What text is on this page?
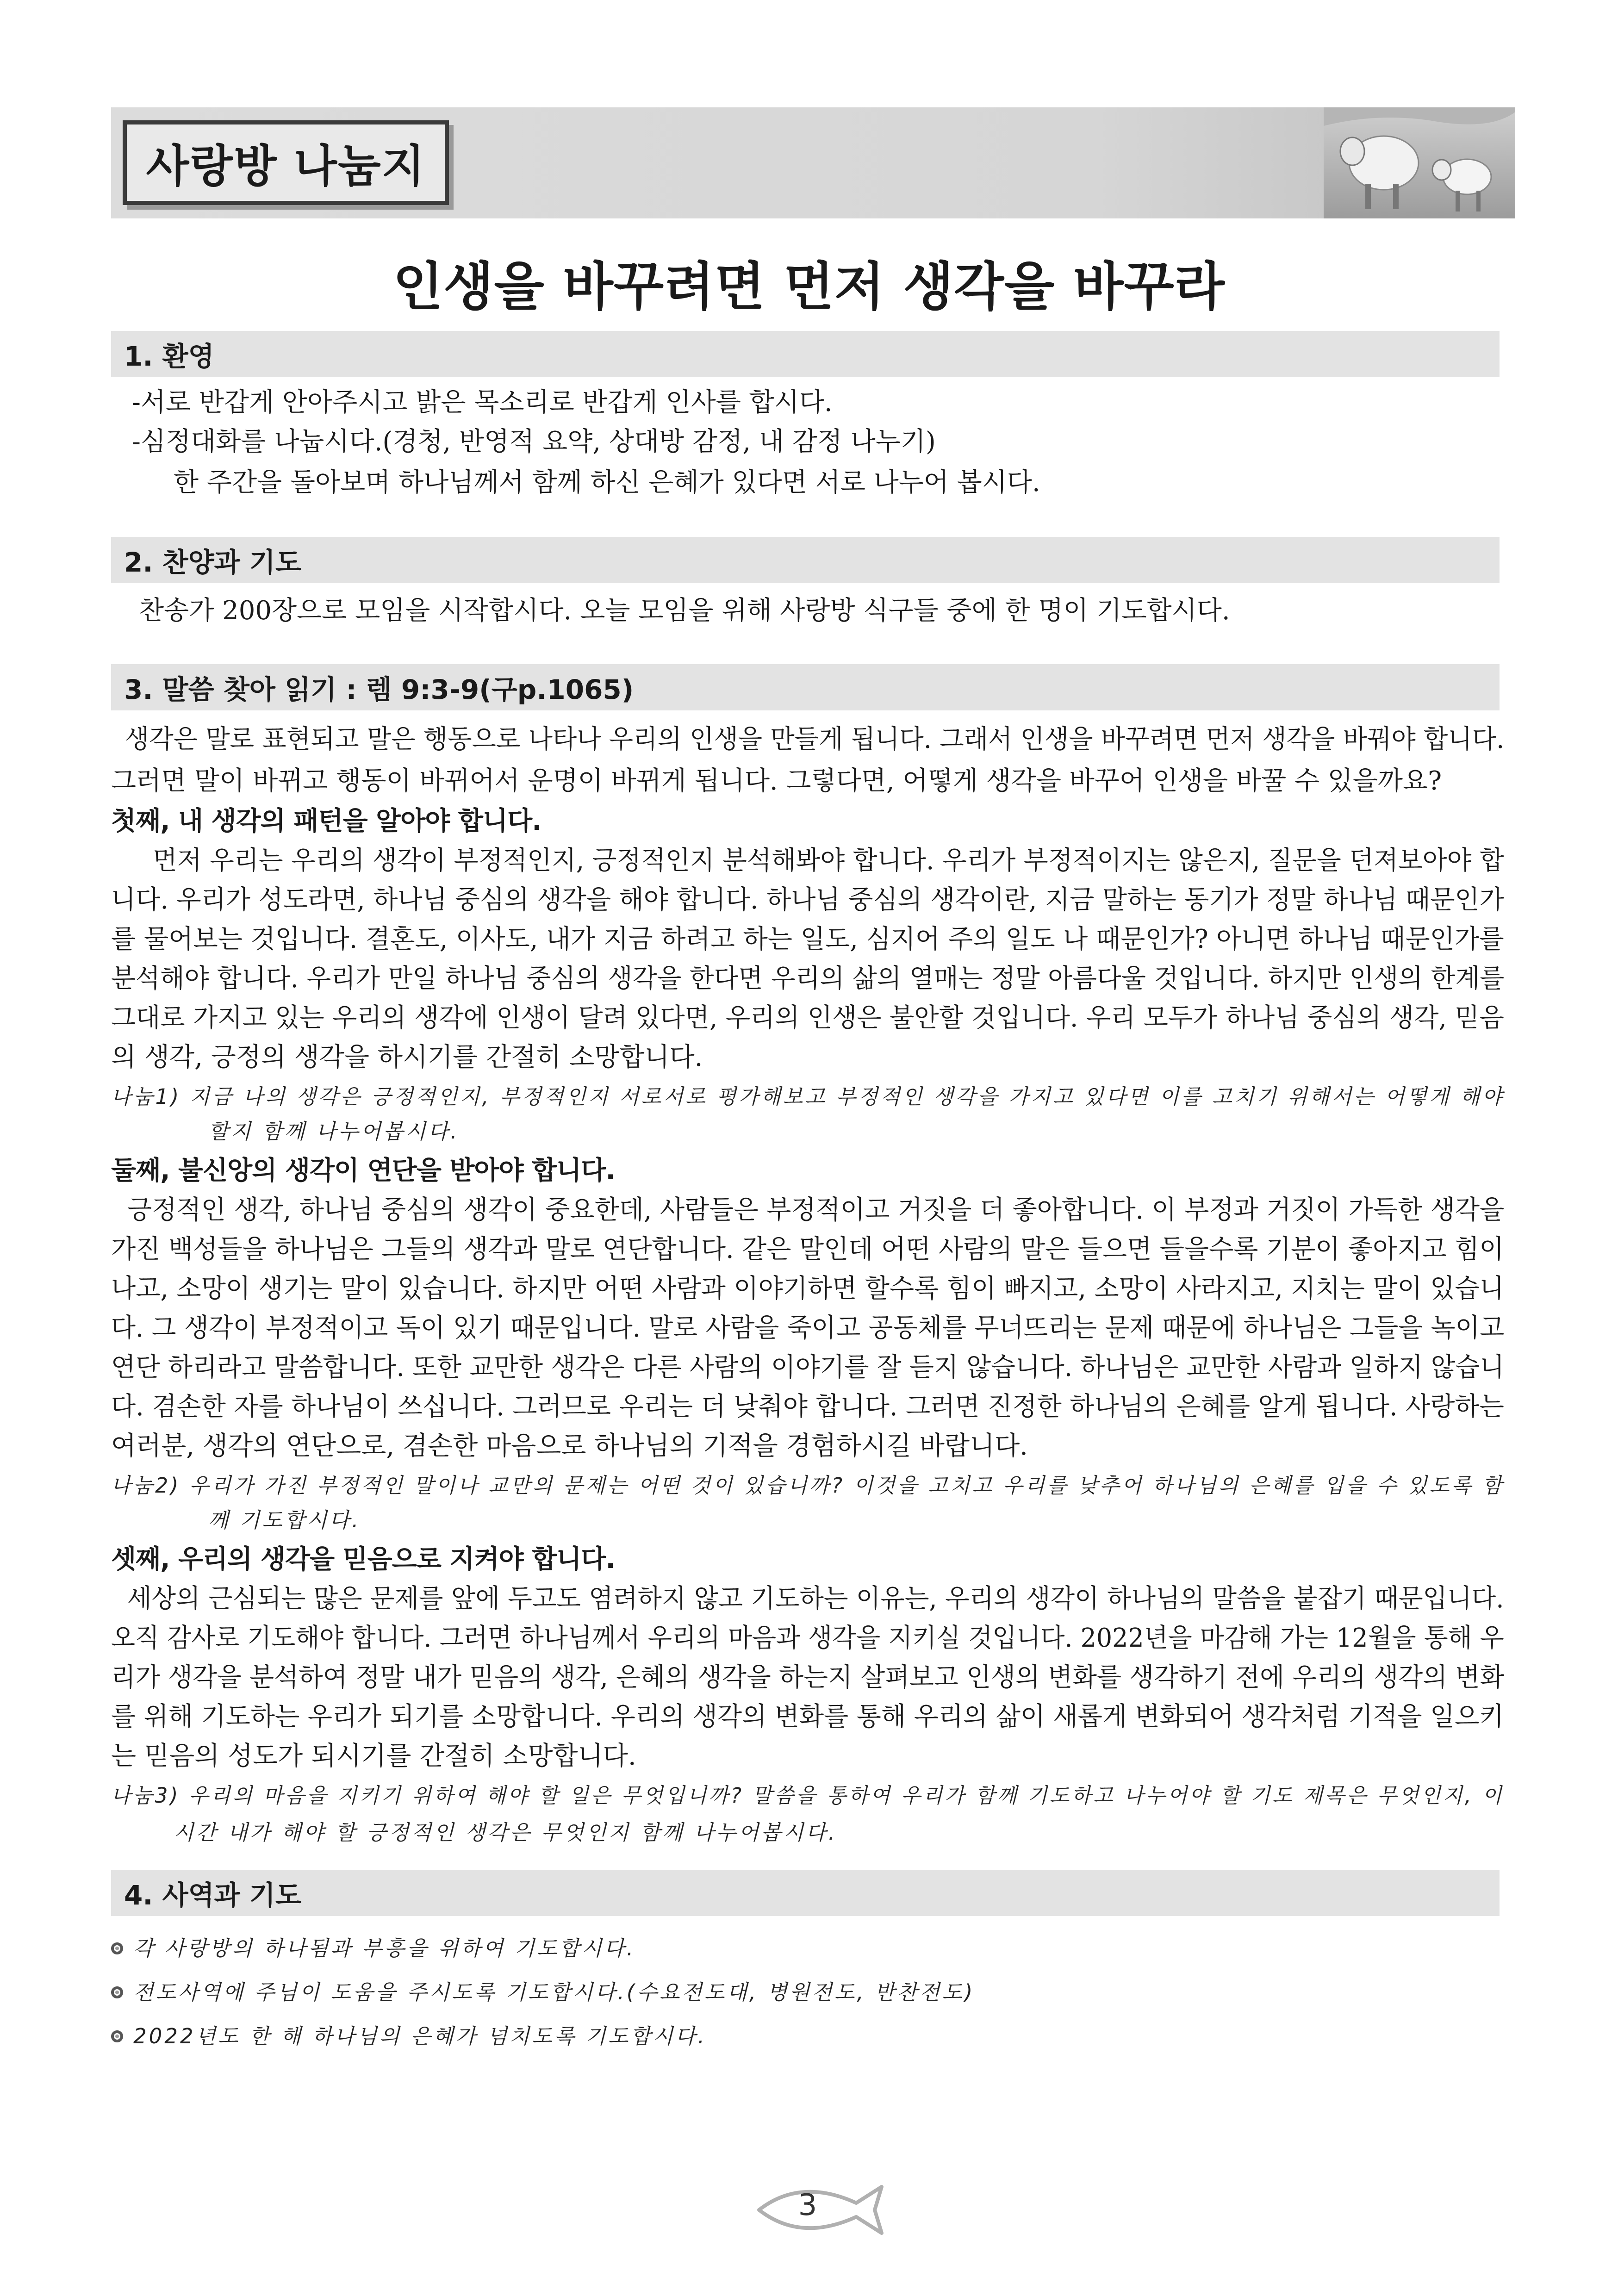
사랑방 나눔지
인생을 바꾸려면 먼저 생각을 바꾸라
1. 환영
-서로 반갑게 안아주시고 밝은 목소리로 반갑게 인사를 합시다.
-심정대화를 나눕시다.(경청, 반영적 요약, 상대방 감정, 내 감정 나누기)
한 주간을 돌아보며 하나님께서 함께 하신 은혜가 있다면 서로 나누어 봅시다.
2. 찬양과 기도
찬송가 200장으로 모임을 시작합시다. 오늘 모임을 위해 사랑방 식구들 중에 한 명이 기도합시다.
3. 말씀 찾아 읽기 : 렘 9:3-9(구p.1065)
생각은 말로 표현되고 말은 행동으로 나타나 우리의 인생을 만들게 됩니다. 그래서 인생을 바꾸려면 먼저 생각을 바꿔야 합니다.
그러면 말이 바뀌고 행동이 바뀌어서 운명이 바뀌게 됩니다. 그렇다면, 어떻게 생각을 바꾸어 인생을 바꿀 수 있을까요?
첫째, 내 생각의 패턴을 알아야 합니다.
먼저 우리는 우리의 생각이 부정적인지, 긍정적인지 분석해봐야 합니다. 우리가 부정적이지는 않은지, 질문을 던져보아야 합
니다. 우리가 성도라면, 하나님 중심의 생각을 해야 합니다. 하나님 중심의 생각이란, 지금 말하는 동기가 정말 하나님 때문인가
를 물어보는 것입니다. 결혼도, 이사도, 내가 지금 하려고 하는 일도, 심지어 주의 일도 나 때문인가? 아니면 하나님 때문인가를
분석해야 합니다. 우리가 만일 하나님 중심의 생각을 한다면 우리의 삶의 열매는 정말 아름다울 것입니다. 하지만 인생의 한계를
그대로 가지고 있는 우리의 생각에 인생이 달려 있다면, 우리의 인생은 불안할 것입니다. 우리 모두가 하나님 중심의 생각, 믿음
의 생각, 긍정의 생각을 하시기를 간절히 소망합니다.
나눔1) 지금 나의 생각은 긍정적인지, 부정적인지 서로서로 평가해보고 부정적인 생각을 가지고 있다면 이를 고치기 위해서는 어떻게 해야
할지 함께 나누어봅시다.
둘째, 불신앙의 생각이 연단을 받아야 합니다.
긍정적인 생각, 하나님 중심의 생각이 중요한데, 사람들은 부정적이고 거짓을 더 좋아합니다. 이 부정과 거짓이 가득한 생각을
가진 백성들을 하나님은 그들의 생각과 말로 연단합니다. 같은 말인데 어떤 사람의 말은 들으면 들을수록 기분이 좋아지고 힘이
나고, 소망이 생기는 말이 있습니다. 하지만 어떤 사람과 이야기하면 할수록 힘이 빠지고, 소망이 사라지고, 지치는 말이 있습니
다. 그 생각이 부정적이고 독이 있기 때문입니다. 말로 사람을 죽이고 공동체를 무너뜨리는 문제 때문에 하나님은 그들을 녹이고
연단 하리라고 말씀합니다. 또한 교만한 생각은 다른 사람의 이야기를 잘 듣지 않습니다. 하나님은 교만한 사람과 일하지 않습니
다. 겸손한 자를 하나님이 쓰십니다. 그러므로 우리는 더 낮춰야 합니다. 그러면 진정한 하나님의 은혜를 알게 됩니다. 사랑하는
여러분, 생각의 연단으로, 겸손한 마음으로 하나님의 기적을 경험하시길 바랍니다.
나눔2) 우리가 가진 부정적인 말이나 교만의 문제는 어떤 것이 있습니까? 이것을 고치고 우리를 낮추어 하나님의 은혜를 입을 수 있도록 함
께 기도합시다.
셋째, 우리의 생각을 믿음으로 지켜야 합니다.
세상의 근심되는 많은 문제를 앞에 두고도 염려하지 않고 기도하는 이유는, 우리의 생각이 하나님의 말씀을 붙잡기 때문입니다.
오직 감사로 기도해야 합니다. 그러면 하나님께서 우리의 마음과 생각을 지키실 것입니다. 2022년을 마감해 가는 12월을 통해 우
리가 생각을 분석하여 정말 내가 믿음의 생각, 은혜의 생각을 하는지 살펴보고 인생의 변화를 생각하기 전에 우리의 생각의 변화
를 위해 기도하는 우리가 되기를 소망합니다. 우리의 생각의 변화를 통해 우리의 삶이 새롭게 변화되어 생각처럼 기적을 일으키
는 믿음의 성도가 되시기를 간절히 소망합니다.
나눔3) 우리의 마음을 지키기 위하여 해야 할 일은 무엇입니까? 말씀을 통하여 우리가 함께 기도하고 나누어야 할 기도 제목은 무엇인지, 이
시간 내가 해야 할 긍정적인 생각은 무엇인지 함께 나누어봅시다.
4. 사역과 기도
각 사랑방의 하나됨과 부흥을 위하여 기도합시다.
전도사역에 주님이 도움을 주시도록 기도합시다.(수요전도대, 병원전도, 반찬전도)
2022년도 한 해 하나님의 은혜가 넘치도록 기도합시다.
3
